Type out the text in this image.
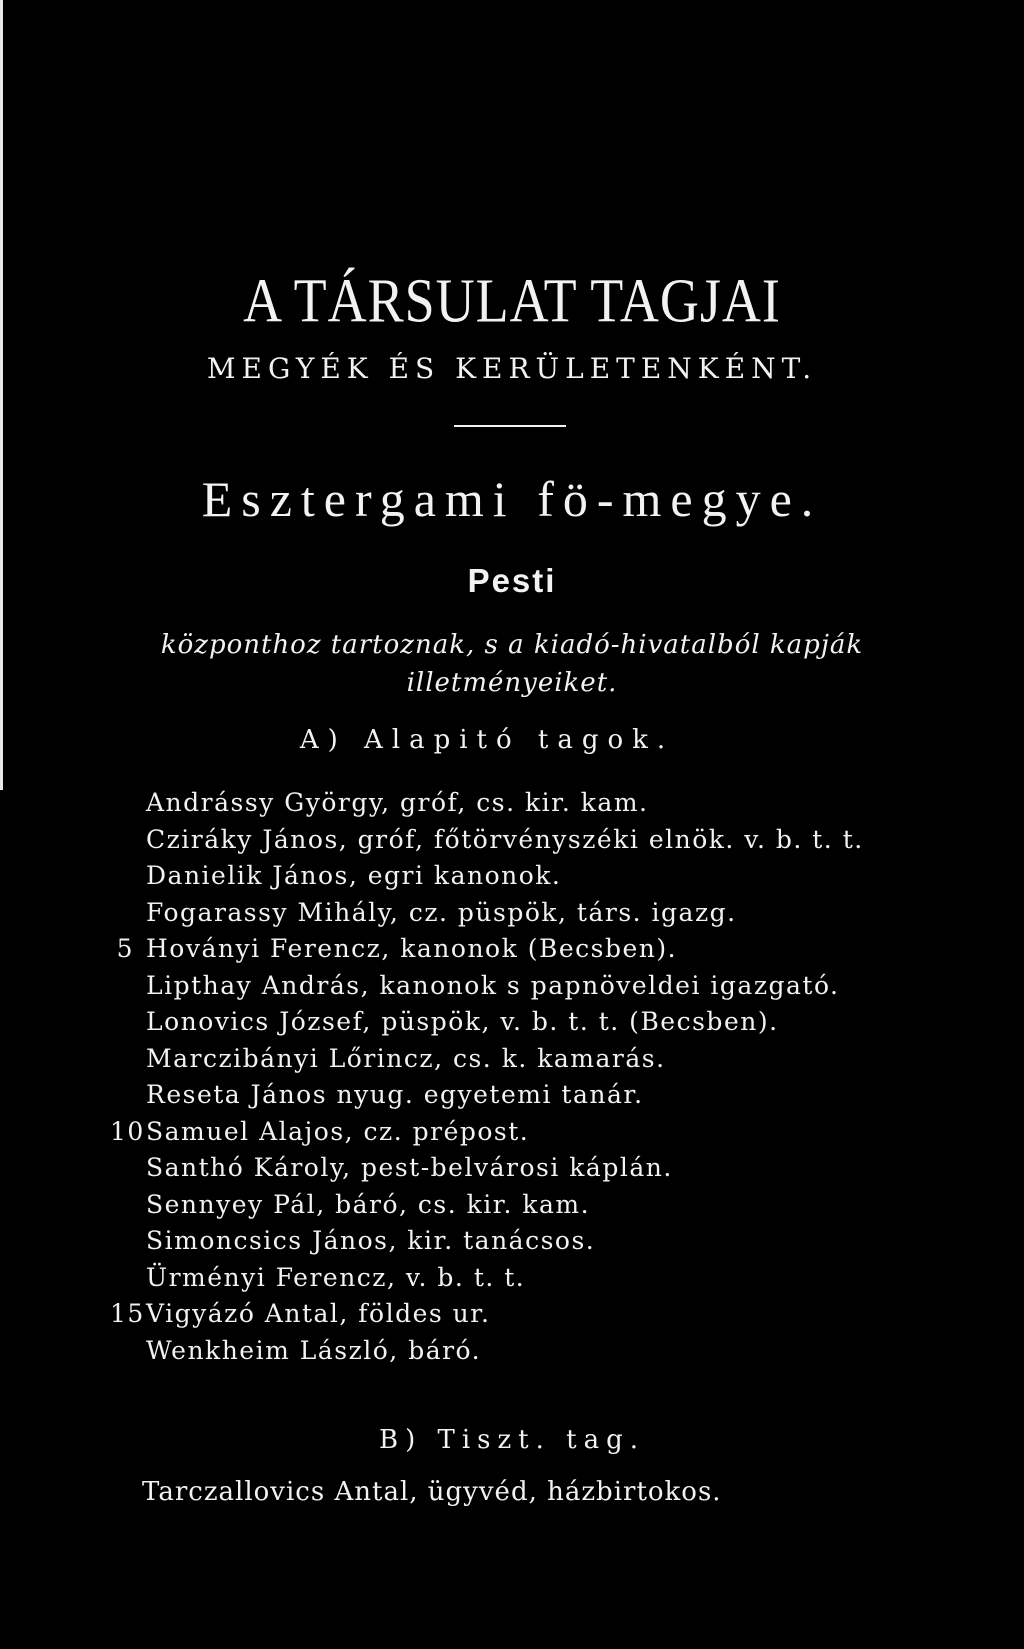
A TÁRSULAT TAGJAI
MEGYÉK ÉS KERÜLETENKÉNT.
Esztergami fö-megye.
Pesti
központhoz tartoznak, s a kiadó-hivatalból kapják
illetményeiket.
A) Alapitó tagok.
Andrássy György, gróf, cs. kir. kam.
Cziráky János, gróf, főtörvényszéki elnök. v. b. t. t.
Danielik János, egri kanonok.
Fogarassy Mihály, cz. püspök, társ. igazg.
5 Hoványi Ferencz, kanonok (Becsben).
Lipthay András, kanonok s papnöveldei igazgató.
Lonovics József, püspök, v. b. t. t. (Becsben).
Marczibányi Lőrincz, cs. k. kamarás.
Reseta János nyug. egyetemi tanár.
10 Samuel Alajos, cz. prépost.
Santhó Károly, pest-belvárosi káplán.
Sennyey Pál, báró, cs. kir. kam.
Simoncsics János, kir. tanácsos.
Ürményi Ferencz, v. b. t. t.
15 Vigyázó Antal, földes ur.
Wenkheim László, báró.
B) Tiszt. tag.
Tarczallovics Antal, ügyvéd, házbirtokos.
